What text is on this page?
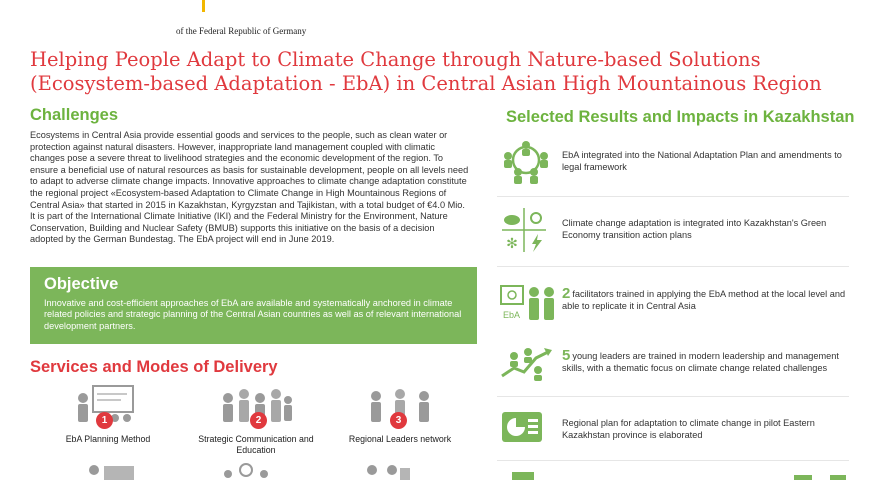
of the Federal Republic of Germany
Helping People Adapt to Climate Change through Nature-based Solutions (Ecosystem-based Adaptation - EbA) in Central Asian High Mountainous Region
Challenges
Ecosystems in Central Asia provide essential goods and services to the people, such as clean water or protection against natural disasters. However, inappropriate land management coupled with climatic changes pose a severe threat to livelihood strategies and the economic development of the region. To ensure a beneficial use of natural resources as basis for sustainable development, people on all levels need to adapt to adverse climate change impacts. Innovative approaches to climate change adaptation constitute the regional project «Ecosystem-based Adaptation to Climate Change in High Mountainous Regions of Central Asia» that started in 2015 in Kazakhstan, Kyrgyzstan and Tajikistan, with a total budget of €4.0 Mio. It is part of the International Climate Initiative (IKI) and the Federal Ministry for the Environment, Nature Conservation, Building and Nuclear Safety (BMUB) supports this initiative on the basis of a decision adopted by the German Bundestag. The EbA project will end in June 2019.
Objective
Innovative and cost-efficient approaches of EbA are available and systematically anchored in climate related policies and strategic planning of the Central Asian countries as well as of relevant international development partners.
Services and Modes of Delivery
1
EbA Planning Method
2
Strategic Communication and Education
3
Regional Leaders network
Selected Results and Impacts in Kazakhstan
EbA integrated into the National Adaptation Plan and amendments to legal framework
✻
Climate change adaptation is integrated into Kazakhstan's Green Economy transition action plans
EbA
2 facilitators trained in applying the EbA method at the local level and able to replicate it in Central Asia
5 young leaders are trained in modern leadership and management skills, with a thematic focus on climate change related challenges
Regional plan for adaptation to climate change in pilot Eastern Kazakhstan province is elaborated
